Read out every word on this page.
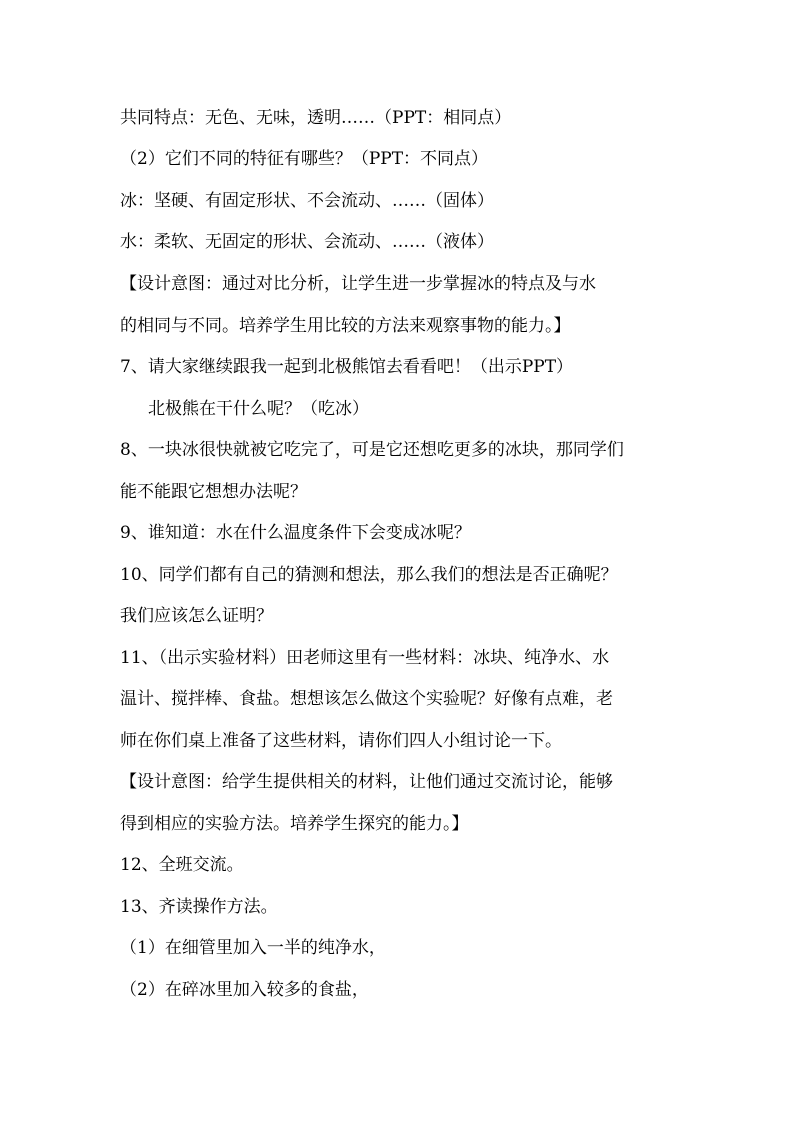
共同特点：无色、无味，透明……（PPT：相同点）
（2）它们不同的特征有哪些？（PPT：不同点）
冰：坚硬、有固定形状、不会流动、……（固体）
水：柔软、无固定的形状、会流动、……（液体）
【设计意图：通过对比分析，让学生进一步掌握冰的特点及与水
的相同与不同。培养学生用比较的方法来观察事物的能力。】
7、请大家继续跟我一起到北极熊馆去看看吧！（出示PPT）
北极熊在干什么呢？（吃冰）
8、一块冰很快就被它吃完了，可是它还想吃更多的冰块，那同学们
能不能跟它想想办法呢？
9、谁知道：水在什么温度条件下会变成冰呢？
10、同学们都有自己的猜测和想法，那么我们的想法是否正确呢？
我们应该怎么证明？
11、（出示实验材料）田老师这里有一些材料：冰块、纯净水、水
温计、搅拌棒、食盐。想想该怎么做这个实验呢？好像有点难，老
师在你们桌上准备了这些材料，请你们四人小组讨论一下。
【设计意图：给学生提供相关的材料，让他们通过交流讨论，能够
得到相应的实验方法。培养学生探究的能力。】
12、全班交流。
13、齐读操作方法。
（1）在细管里加入一半的纯净水，
（2）在碎冰里加入较多的食盐，
